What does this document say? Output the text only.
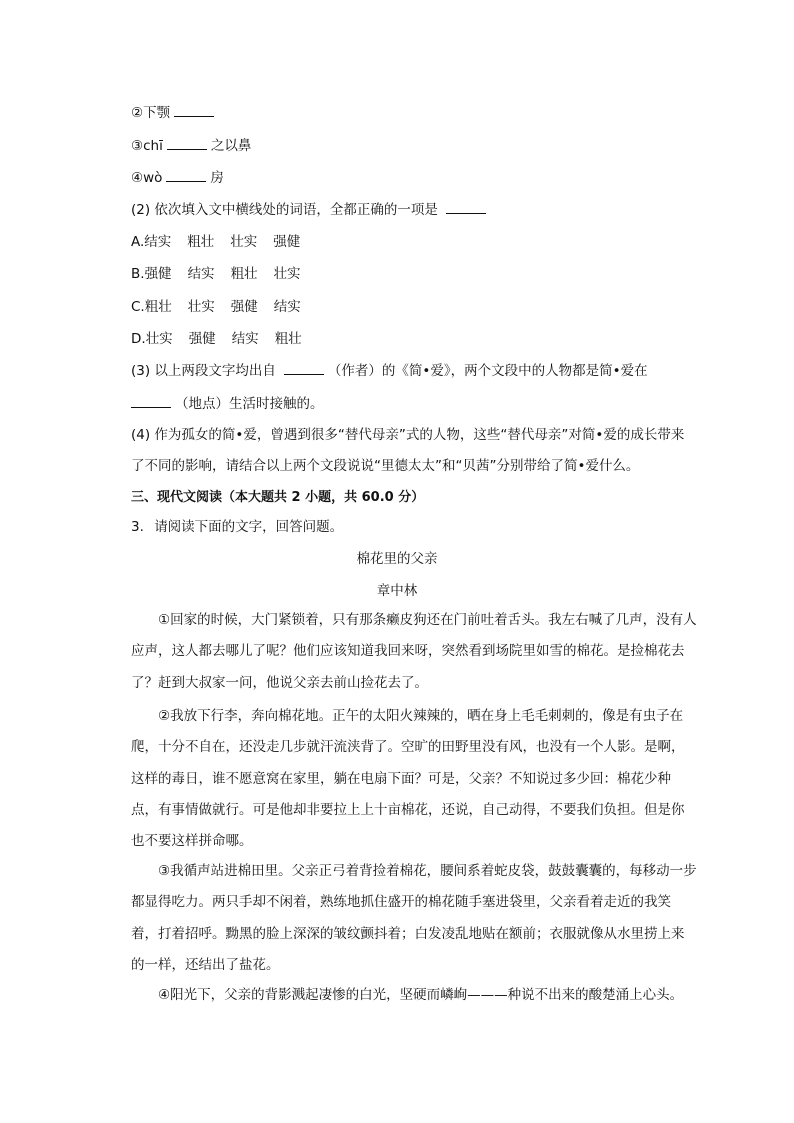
②下颚
③chī	之以鼻
④wò	房
(2) 依次填入文中横线处的词语，全都正确的一项是
A.结实 粗壮 壮实 强健
B.强健 结实 粗壮 壮实
C.粗壮 壮实 强健 结实
D.壮实 强健 结实 粗壮
(3) 以上两段文字均出自	（作者）的《简•爱》，两个文段中的人物都是简•爱在
（地点）生活时接触的。
(4) 作为孤女的简•爱，曾遇到很多“替代母亲”式的人物，这些“替代母亲”对简•爱的成长带来了不同的影响，请结合以上两个文段说说“里德太太”和“贝茜”分别带给了简•爱什么。
三、现代文阅读（本大题共 2 小题，共 60.0 分）
3. 请阅读下面的文字，回答问题。
棉花里的父亲
章中林
①回家的时候，大门紧锁着，只有那条癞皮狗还在门前吐着舌头。我左右喊了几声，没有人应声，这人都去哪儿了呢？他们应该知道我回来呀，突然看到场院里如雪的棉花。是捡棉花去了？赶到大叔家一问，他说父亲去前山捡花去了。
②我放下行李，奔向棉花地。正午的太阳火辣辣的，晒在身上毛毛刺刺的，像是有虫子在爬，十分不自在，还没走几步就汗流浃背了。空旷的田野里没有风，也没有一个人影。是啊，这样的毒日，谁不愿意窝在家里，躺在电扇下面？可是，父亲？不知说过多少回：棉花少种点，有事情做就行。可是他却非要拉上上十亩棉花，还说，自己动得，不要我们负担。但是你也不要这样拼命哪。
③我循声站进棉田里。父亲正弓着背捡着棉花，腰间系着蛇皮袋，鼓鼓囊囊的，每移动一步都显得吃力。两只手却不闲着，熟练地抓住盛开的棉花随手塞进袋里，父亲看着走近的我笑着，打着招呼。黝黑的脸上深深的皱纹颤抖着；白发凌乱地贴在额前；衣服就像从水里捞上来的一样，还结出了盐花。
④阳光下，父亲的背影溅起凄惨的白光，坚硬而嶙峋———种说不出来的酸楚涌上心头。
